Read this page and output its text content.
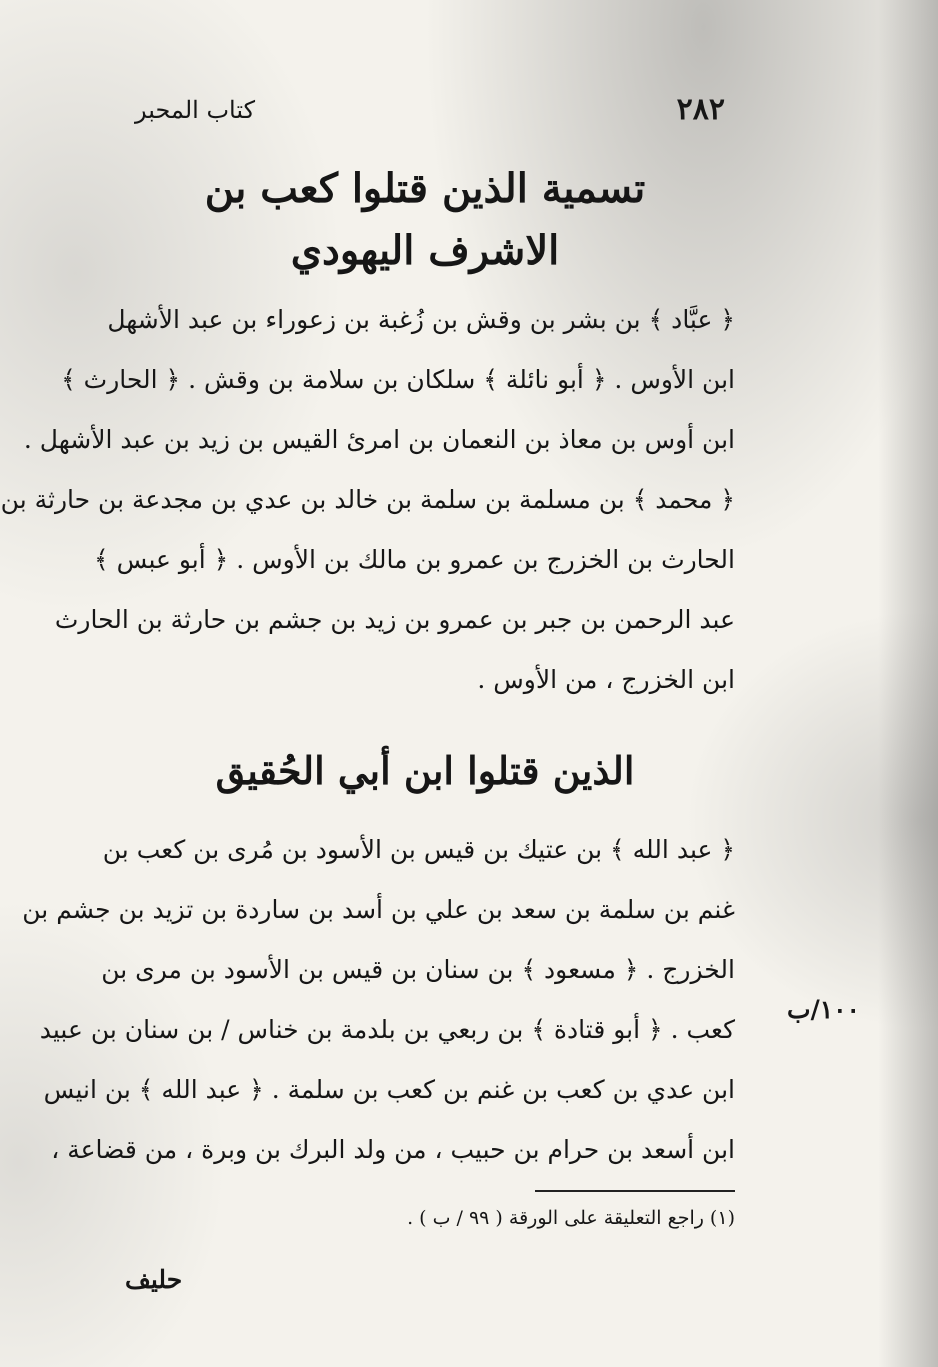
٢٨٢
كتاب المحبر
تسمية الذين قتلوا كعب بن
الاشرف اليهودي
﴿ عبَّاد ﴾ بن بشر بن وقش بن زُغبة بن زعوراء بن عبد الأشهل
ابن الأوس . ﴿ أبو نائلة ﴾ سلكان بن سلامة بن وقش . ﴿ الحارث ﴾
ابن أوس بن معاذ بن النعمان بن امرئ القيس بن زيد بن عبد الأشهل .
﴿ محمد ﴾ بن مسلمة بن سلمة بن خالد بن عدي بن مجدعة بن حارثة بن
الحارث بن الخزرج بن عمرو بن مالك بن الأوس . ﴿ أبو عبس ﴾
عبد الرحمن بن جبر بن عمرو بن زيد بن جشم بن حارثة بن الحارث
ابن الخزرج ، من الأوس .
الذين قتلوا ابن أبي الحُقيق
﴿ عبد الله ﴾ بن عتيك بن قيس بن الأسود بن مُرى بن كعب بن
غنم بن سلمة بن سعد بن علي بن أسد بن ساردة بن تزيد بن جشم بن
الخزرج . ﴿ مسعود ﴾ بن سنان بن قيس بن الأسود بن مرى بن
كعب . ﴿ أبو قتادة ﴾ بن ربعي بن بلدمة بن خناس / بن سنان بن عبيد
ابن عدي بن كعب بن غنم بن كعب بن سلمة . ﴿ عبد الله ﴾ بن انيس
ابن أسعد بن حرام بن حبيب ، من ولد البرك بن وبرة ، من قضاعة ،
١٠٠/ب
(١) راجع التعليقة على الورقة ( ٩٩ / ب ) .
حليف
